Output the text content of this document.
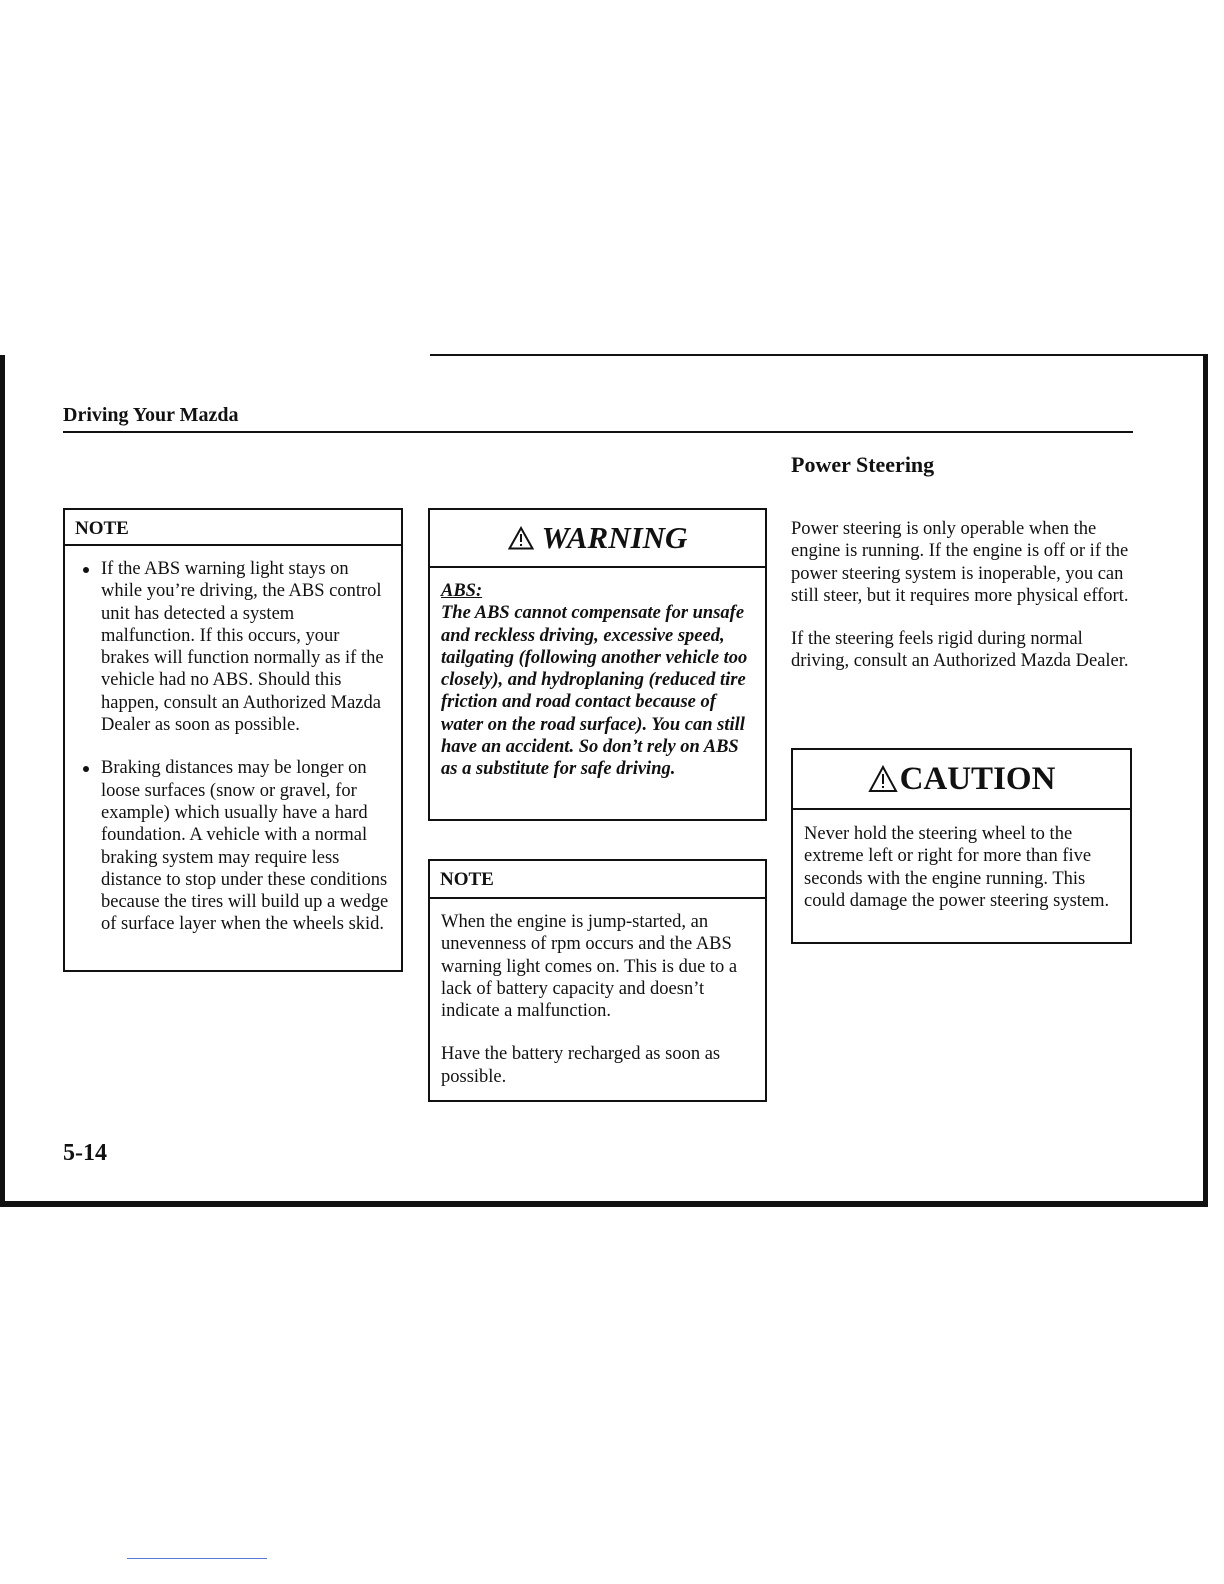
Driving Your Mazda
NOTE
If the ABS warning light stays on while you’re driving, the ABS control unit has detected a system malfunction. If this occurs, your brakes will function normally as if the vehicle had no ABS. Should this happen, consult an Authorized Mazda Dealer as soon as possible.
Braking distances may be longer on loose surfaces (snow or gravel, for example) which usually have a hard foundation. A vehicle with a normal braking system may require less distance to stop under these conditions because the tires will build up a wedge of surface layer when the wheels skid.
WARNING
ABS:
The ABS cannot compensate for unsafe and reckless driving, excessive speed, tailgating (following another vehicle too closely), and hydroplaning (reduced tire friction and road contact because of water on the road surface). You can still have an accident. So don’t rely on ABS as a substitute for safe driving.
NOTE

When the engine is jump-started, an unevenness of rpm occurs and the ABS warning light comes on. This is due to a lack of battery capacity and doesn’t indicate a malfunction.

Have the battery recharged as soon as possible.

Power Steering

Power steering is only operable when the engine is running. If the engine is off or if the power steering system is inoperable, you can still steer, but it requires more physical effort.

If the steering feels rigid during normal driving, consult an Authorized Mazda Dealer.

CAUTION

Never hold the steering wheel to the extreme left or right for more than five seconds with the engine running. This could damage the power steering system.

5-14
